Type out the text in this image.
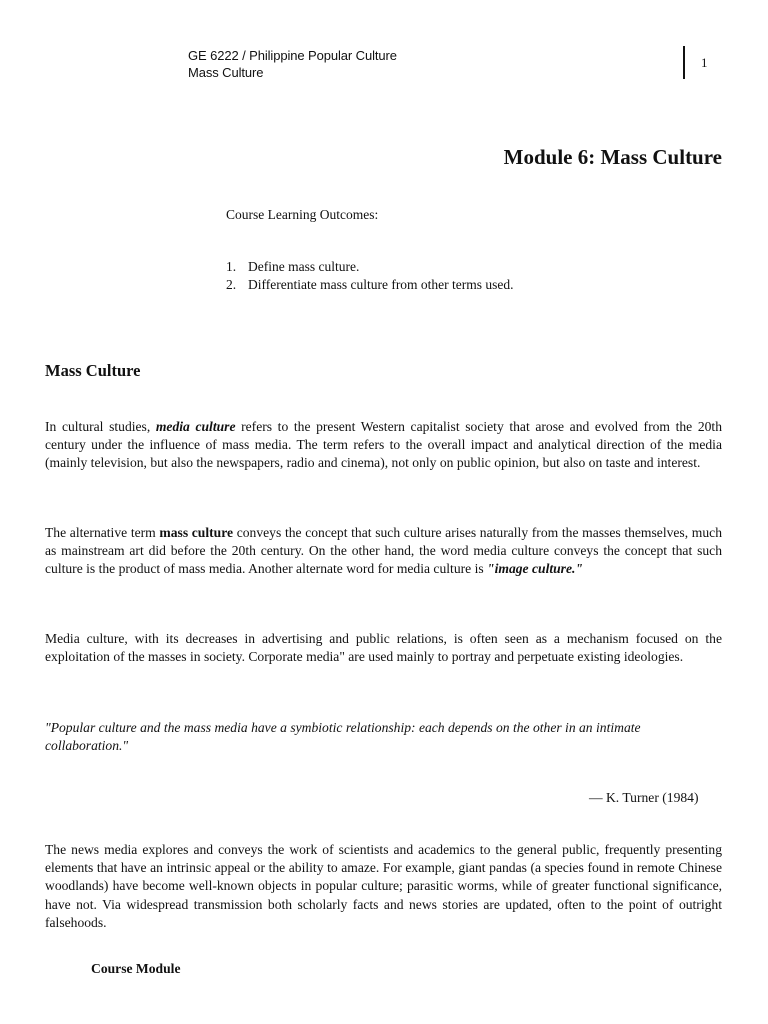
GE 6222 / Philippine Popular Culture
Mass Culture
1
Module 6: Mass Culture
Course Learning Outcomes:
1. Define mass culture.
2. Differentiate mass culture from other terms used.
Mass Culture

In cultural studies, media culture refers to the present Western capitalist society that arose and evolved from the 20th century under the influence of mass media. The term refers to the overall impact and analytical direction of the media (mainly television, but also the newspapers, radio and cinema), not only on public opinion, but also on taste and interest.

The alternative term mass culture conveys the concept that such culture arises naturally from the masses themselves, much as mainstream art did before the 20th century. On the other hand, the word media culture conveys the concept that such culture is the product of mass media. Another alternate word for media culture is "image culture."

Media culture, with its decreases in advertising and public relations, is often seen as a mechanism focused on the exploitation of the masses in society. Corporate media" are used mainly to portray and perpetuate existing ideologies.

"Popular culture and the mass media have a symbiotic relationship: each depends on the other in an intimate collaboration."

— K. Turner (1984)

The news media explores and conveys the work of scientists and academics to the general public, frequently presenting elements that have an intrinsic appeal or the ability to amaze. For example, giant pandas (a species found in remote Chinese woodlands) have become well-known objects in popular culture; parasitic worms, while of greater functional significance, have not. Via widespread transmission both scholarly facts and news stories are updated, often to the point of outright falsehoods.

Course Module
